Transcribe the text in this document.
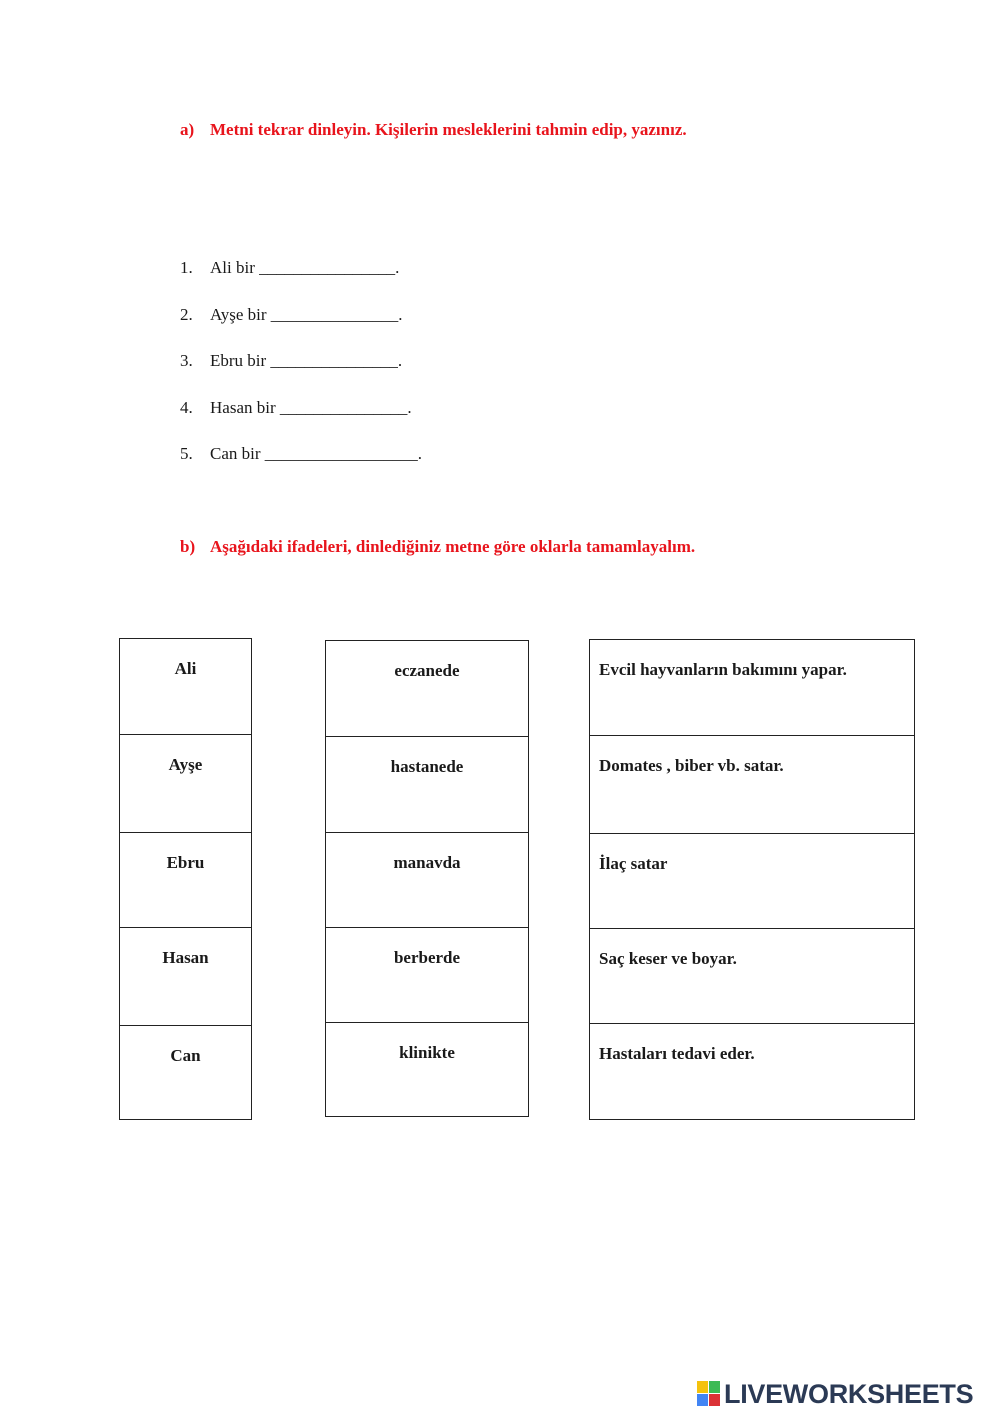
a) Metni tekrar dinleyin. Kişilerin mesleklerini tahmin edip, yazınız.
1. Ali bir ________________.
2. Ayşe bir _______________.
3. Ebru bir _______________.
4. Hasan bir _______________.
5. Can bir __________________.
b) Aşağıdaki ifadeleri, dinlediğiniz metne göre oklarla tamamlayalım.
Ali
Ayşe
Ebru
Hasan
Can
eczanede
hastanede
manavda
berberde
klinikte
Evcil hayvanların bakımını yapar.
Domates , biber vb. satar.
İlaç satar
Saç keser ve boyar.
Hastaları tedavi eder.
LIVEWORKSHEETS
